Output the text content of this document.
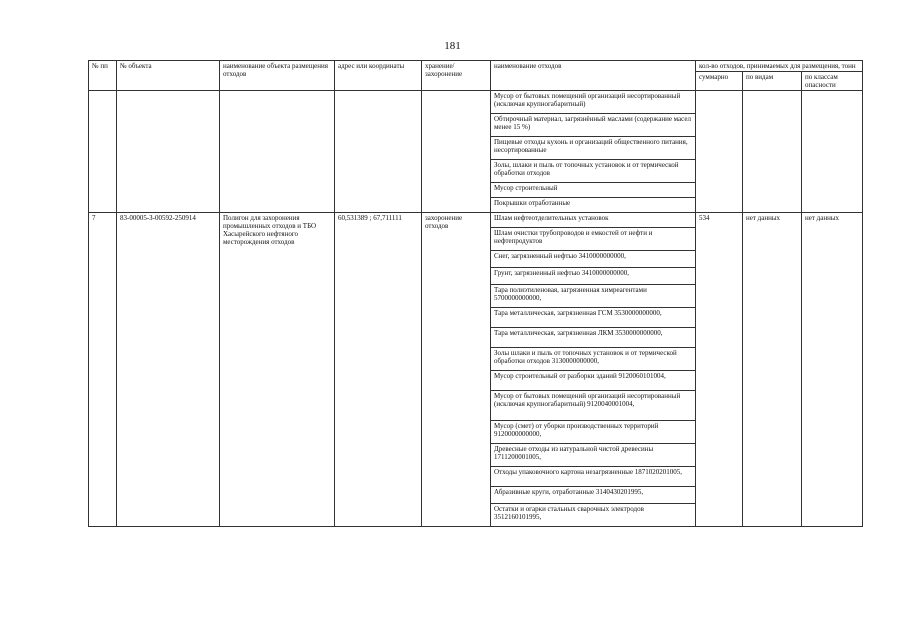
181
№ пп	№ объекта	наименование объекта размещения отходов	адрес или координаты	хранение/захоронение	наименование отходов	кол-во отходов, принимаемых для размещения, тонн		
						суммарно	по видам	по классам опасности
					Мусор от бытовых помещений организаций несортированный (исключая крупногабаритный)			
					Обтирочный материал, загрязнённый маслами (содержание масел менее 15 %)			
					Пищевые отходы кухонь и организаций общественного питания, несортированные			
					Золы, шлаки и пыль от топочных установок и от термической обработки отходов			
					Мусор строительный			
					Покрышки отработанные			
7	83-00005-З-00592-250914	Полигон для захоронения промышленных отходов и ТБО Хасырейского нефтяного месторождения отходов	60,531389 ; 67,711111	захоронение отходов	Шлам нефтеотделительных установок	534	нет данных	нет данных
					Шлам очистки трубопроводов и емкостей от нефти и нефтепродуктов			
					Снег, загрязненный нефтью 3410000000000,			
					Грунт, загрязненный нефтью 3410000000000,			
					Тара полиэтиленовая, загрязненная химреагентами 5700000000000,			
					Тара металлическая, загрязненная ГСМ 3530000000000,			
					Тара металлическая, загрязненная ЛКМ 3530000000000,			
					Золы шлаки и пыль от топочных установок и от термической обработки отходов 3130000000000,			
					Мусор строительный от разборки зданий 9120060101004,			
					Мусор от бытовых помещений организаций несортированный (исключая крупногабаритный) 9120040001004,			
					Мусор (смет) от уборки производственных территорий 9120000000000,			
					Древесные отходы из натуральной чистой древесины 1711200001005,			
					Отходы упаковочного картона незагрязненные 1871020201005,			
					Абразивные круги, отработанные 3140430201995,			
					Остатки и огарки стальных сварочных электродов 3512160101995,			
